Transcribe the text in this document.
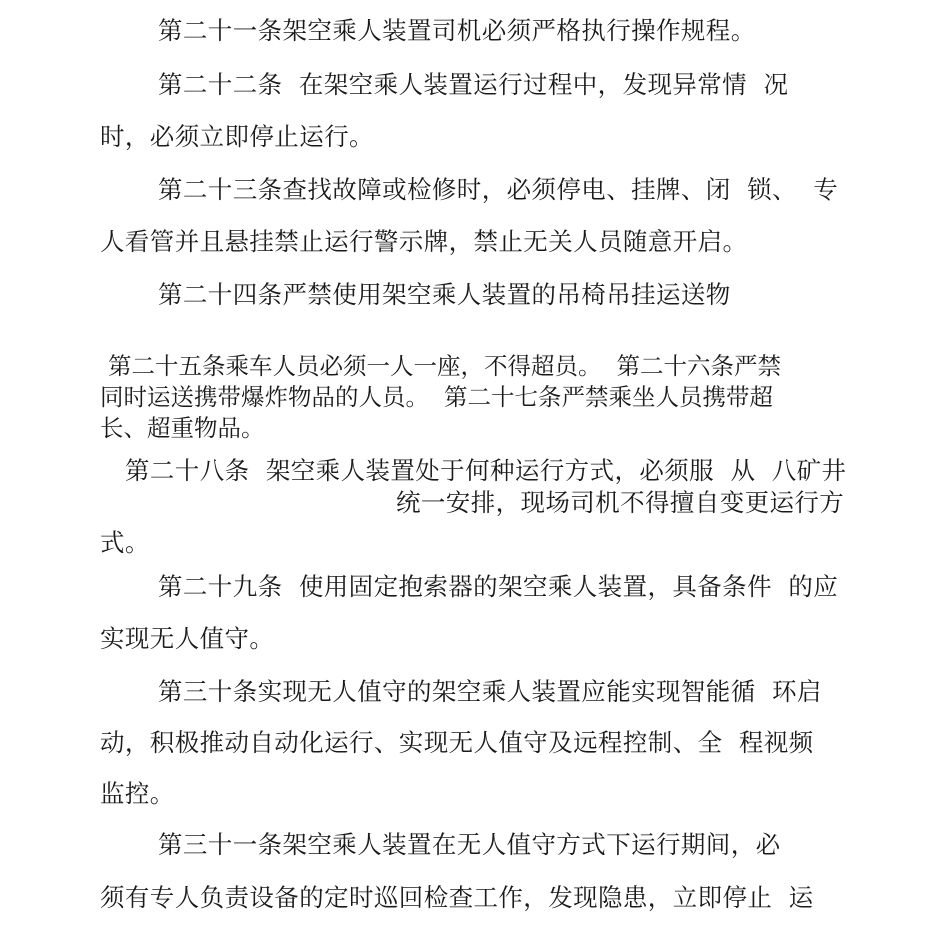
第二十一条架空乘人装置司机必须严格执行操作规程。

第二十二条  在架空乘人装置运行过程中，发现异常情  况

时，必须立即停止运行。

第二十三条查找故障或检修时，必须停电、挂牌、闭  锁、  专

人看管并且悬挂禁止运行警示牌，禁止无关人员随意开启。

第二十四条严禁使用架空乘人装置的吊椅吊挂运送物

第二十五条乘车人员必须一人一座，不得超员。  第二十六条严禁

同时运送携带爆炸物品的人员。  第二十七条严禁乘坐人员携带超

长、超重物品。

第二十八条  架空乘人装置处于何种运行方式，必须服  从  八矿井

统一安排，现场司机不得擅自变更运行方

式。

第二十九条  使用固定抱索器的架空乘人装置，具备条件  的应

实现无人值守。

第三十条实现无人值守的架空乘人装置应能实现智能循  环启

动，积极推动自动化运行、实现无人值守及远程控制、全  程视频

监控。

第三十一条架空乘人装置在无人值守方式下运行期间，必

须有专人负责设备的定时巡回检查工作，发现隐患，立即停止  运
